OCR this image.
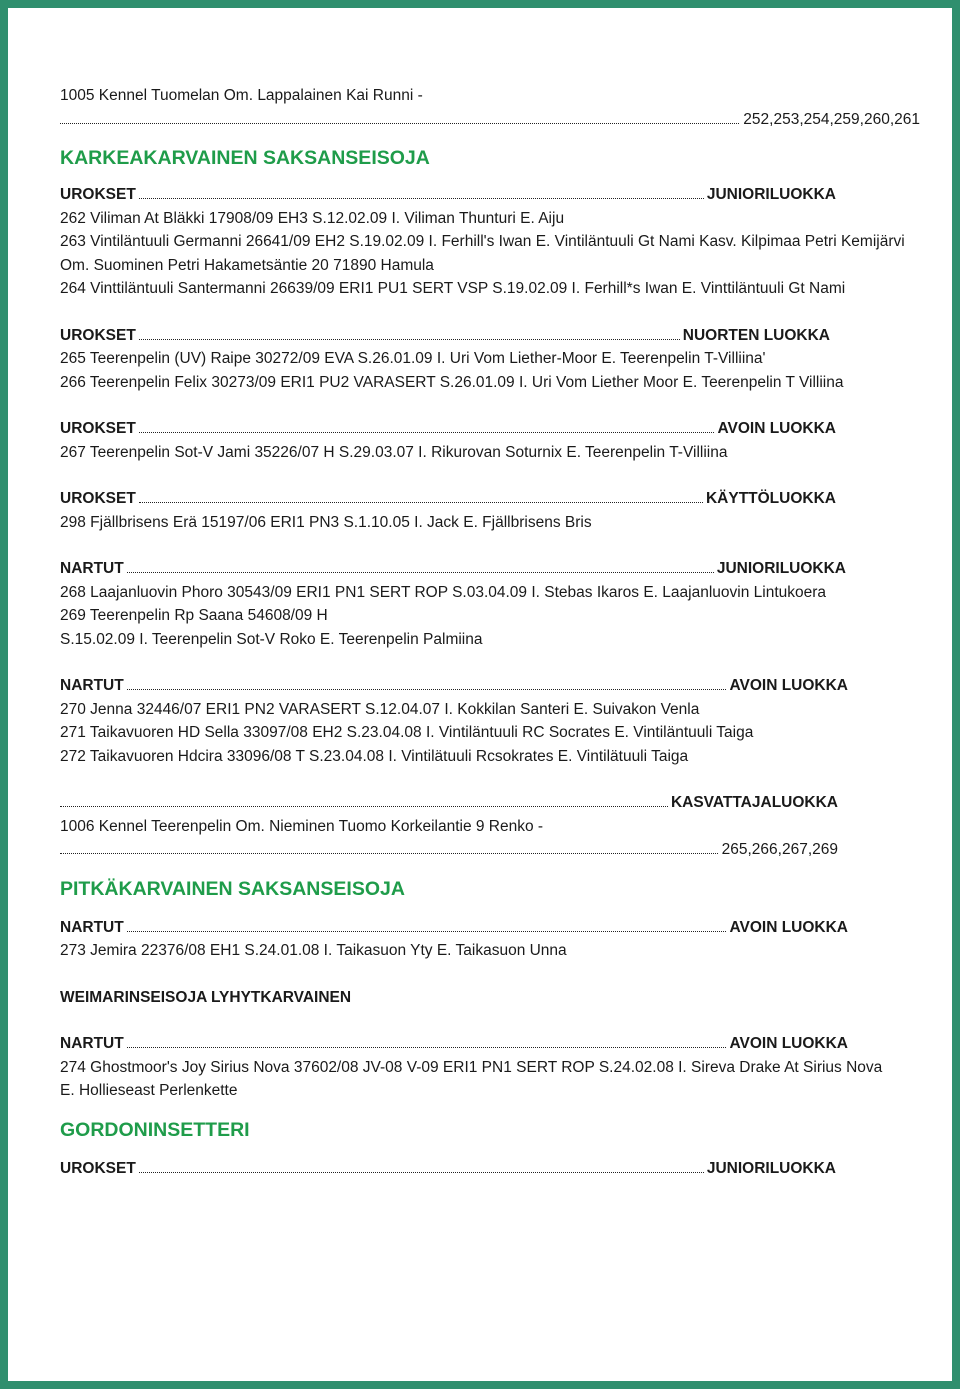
1005 Kennel Tuomelan Om. Lappalainen Kai Runni -
252,253,254,259,260,261
KARKEAKARVAINEN SAKSANSEISOJA
UROKSET	JUNIORILUOKKA
262 Viliman At Bläkki 17908/09 EH3 S.12.02.09 I. Viliman Thunturi E. Aiju
263 Vintiläntuuli Germanni 26641/09 EH2 S.19.02.09 I. Ferhill's Iwan E. Vintiläntuuli Gt Nami Kasv. Kilpimaa Petri Kemijärvi Om. Suominen Petri Hakametsäntie 20 71890 Hamula
264 Vinttiläntuuli Santermanni 26639/09 ERI1 PU1 SERT VSP S.19.02.09 I. Ferhill*s Iwan E. Vinttiläntuuli Gt Nami
UROKSET	NUORTEN LUOKKA
265 Teerenpelin (UV) Raipe 30272/09 EVA S.26.01.09 I. Uri Vom Liether-Moor E. Teerenpelin T-Villiina'
266 Teerenpelin Felix 30273/09 ERI1 PU2 VARASERT S.26.01.09 I. Uri Vom Liether Moor E. Teerenpelin T Villiina
UROKSET	AVOIN LUOKKA
267 Teerenpelin Sot-V Jami 35226/07 H S.29.03.07 I. Rikurovan Soturnix E. Teerenpelin T-Villiina
UROKSET	KÄYTTÖLUOKKA
298 Fjällbrisens Erä 15197/06 ERI1 PN3 S.1.10.05 I. Jack E. Fjällbrisens Bris
NARTUT	JUNIORILUOKKA
268 Laajanluovin Phoro 30543/09 ERI1 PN1 SERT ROP S.03.04.09 I. Stebas Ikaros E. Laajanluovin Lintukoera
269 Teerenpelin Rp Saana 54608/09 H
S.15.02.09 I. Teerenpelin Sot-V Roko E. Teerenpelin Palmiina
NARTUT	AVOIN LUOKKA
270 Jenna 32446/07 ERI1 PN2 VARASERT S.12.04.07 I. Kokkilan Santeri E. Suivakon Venla
271 Taikavuoren HD Sella 33097/08 EH2 S.23.04.08 I. Vintiläntuuli RC Socrates E. Vintiläntuuli Taiga
272 Taikavuoren Hdcira 33096/08 T S.23.04.08 I. Vintilätuuli Rcsokrates E. Vintilätuuli Taiga
KASVATTAJALUOKKA
1006 Kennel Teerenpelin Om. Nieminen Tuomo Korkeilantie 9 Renko -
265,266,267,269
PITKÄKARVAINEN SAKSANSEISOJA
NARTUT	AVOIN LUOKKA
273 Jemira 22376/08 EH1 S.24.01.08 I. Taikasuon Yty E. Taikasuon Unna
WEIMARINSEISOJA LYHYTKARVAINEN
NARTUT	AVOIN LUOKKA
274 Ghostmoor's Joy Sirius Nova 37602/08 JV-08 V-09 ERI1 PN1 SERT ROP S.24.02.08 I. Sireva Drake At Sirius Nova E. Hollieseast Perlenkette
GORDONINSETTERI
UROKSET	JUNIORILUOKKA
